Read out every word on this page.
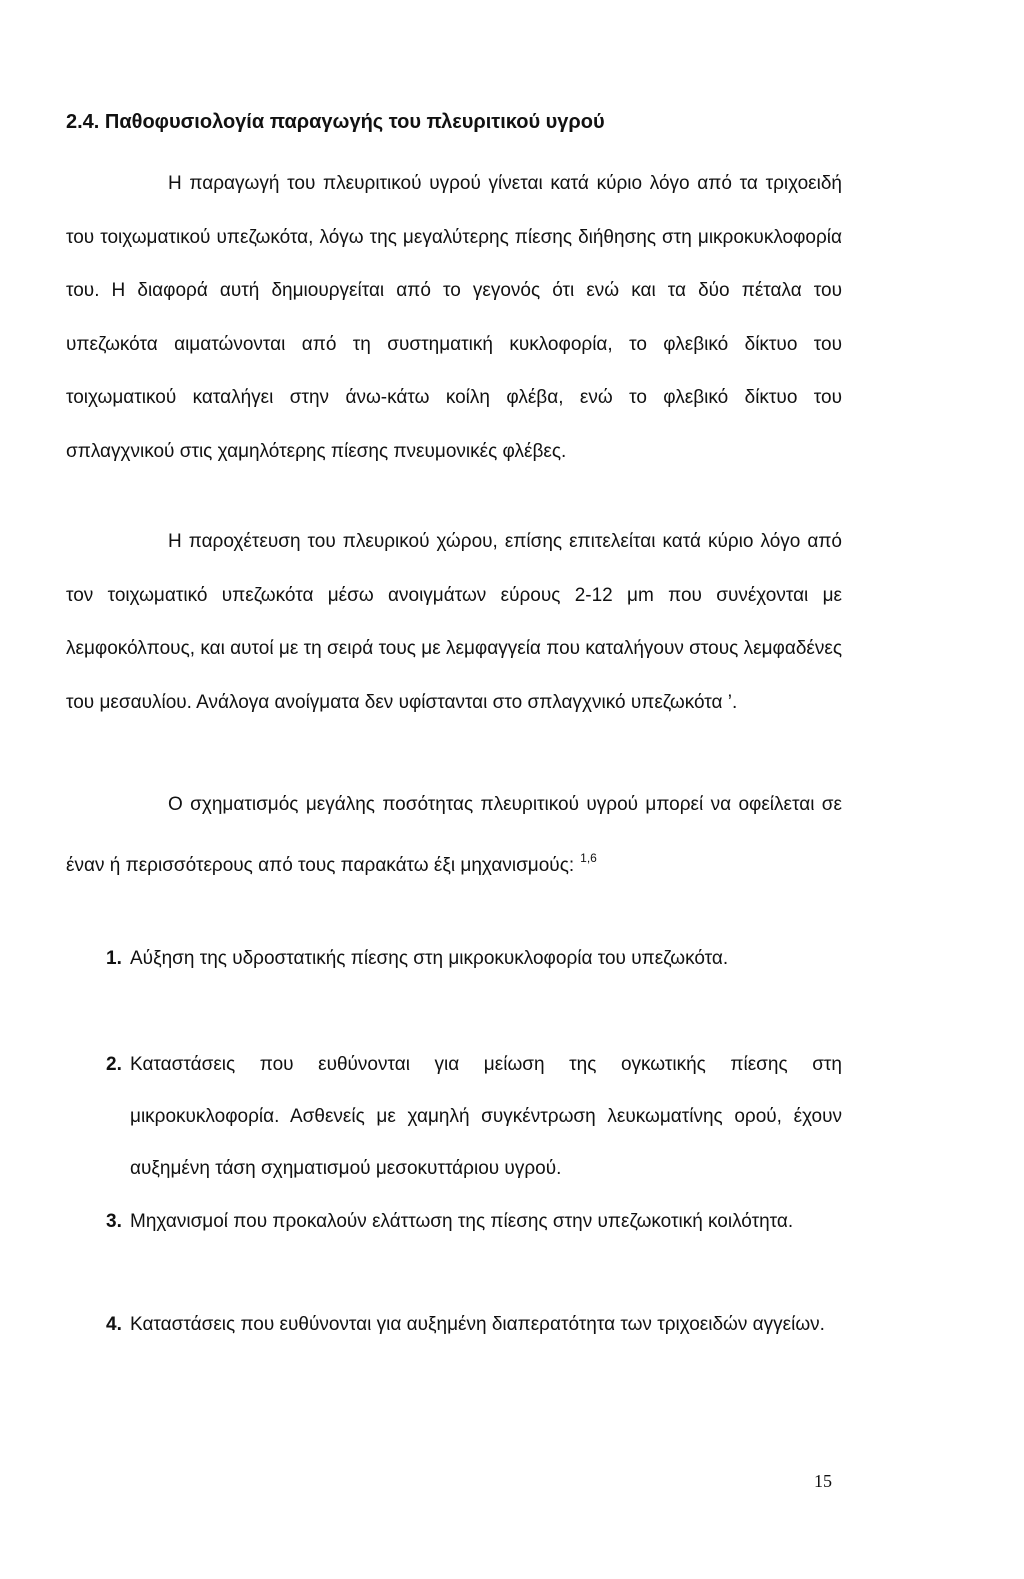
2.4. Παθοφυσιολογία παραγωγής του πλευριτικού υγρού

Η παραγωγή του πλευριτικού υγρού γίνεται κατά κύριο λόγο από τα τριχοειδή του τοιχωματικού υπεζωκότα, λόγω της μεγαλύτερης πίεσης διήθησης στη μικροκυκλοφορία του. Η διαφορά αυτή δημιουργείται από το γεγονός ότι ενώ και τα δύο πέταλα του υπεζωκότα αιματώνονται από τη συστηματική κυκλοφορία, το φλεβικό δίκτυο του τοιχωματικού καταλήγει στην άνω-κάτω κοίλη φλέβα, ενώ το φλεβικό δίκτυο του σπλαγχνικού στις χαμηλότερης πίεσης πνευμονικές φλέβες.

Η παροχέτευση του πλευρικού χώρου, επίσης επιτελείται κατά κύριο λόγο από τον τοιχωματικό υπεζωκότα μέσω ανοιγμάτων εύρους 2-12 μm που συνέχονται με λεμφοκόλπους, και αυτοί με τη σειρά τους με λεμφαγγεία που καταλήγουν στους λεμφαδένες του μεσαυλίου. Ανάλογα ανοίγματα δεν υφίστανται στο σπλαγχνικό υπεζωκότα ’.

Ο σχηματισμός μεγάλης ποσότητας πλευριτικού υγρού μπορεί να οφείλεται σε έναν ή περισσότερους από τους παρακάτω έξι μηχανισμούς: $^{1,6}$

1. Αύξηση της υδροστατικής πίεσης στη μικροκυκλοφορία του υπεζωκότα.
2. Καταστάσεις που ευθύνονται για μείωση της ογκωτικής πίεσης στη μικροκυκλοφορία. Ασθενείς με χαμηλή συγκέντρωση λευκωματίνης ορού, έχουν αυξημένη τάση σχηματισμού μεσοκυττάριου υγρού.
3. Μηχανισμοί που προκαλούν ελάττωση της πίεσης στην υπεζωκοτική κοιλότητα.
4. Καταστάσεις που ευθύνονται για αυξημένη διαπερατότητα των τριχοειδών αγγείων.
15
